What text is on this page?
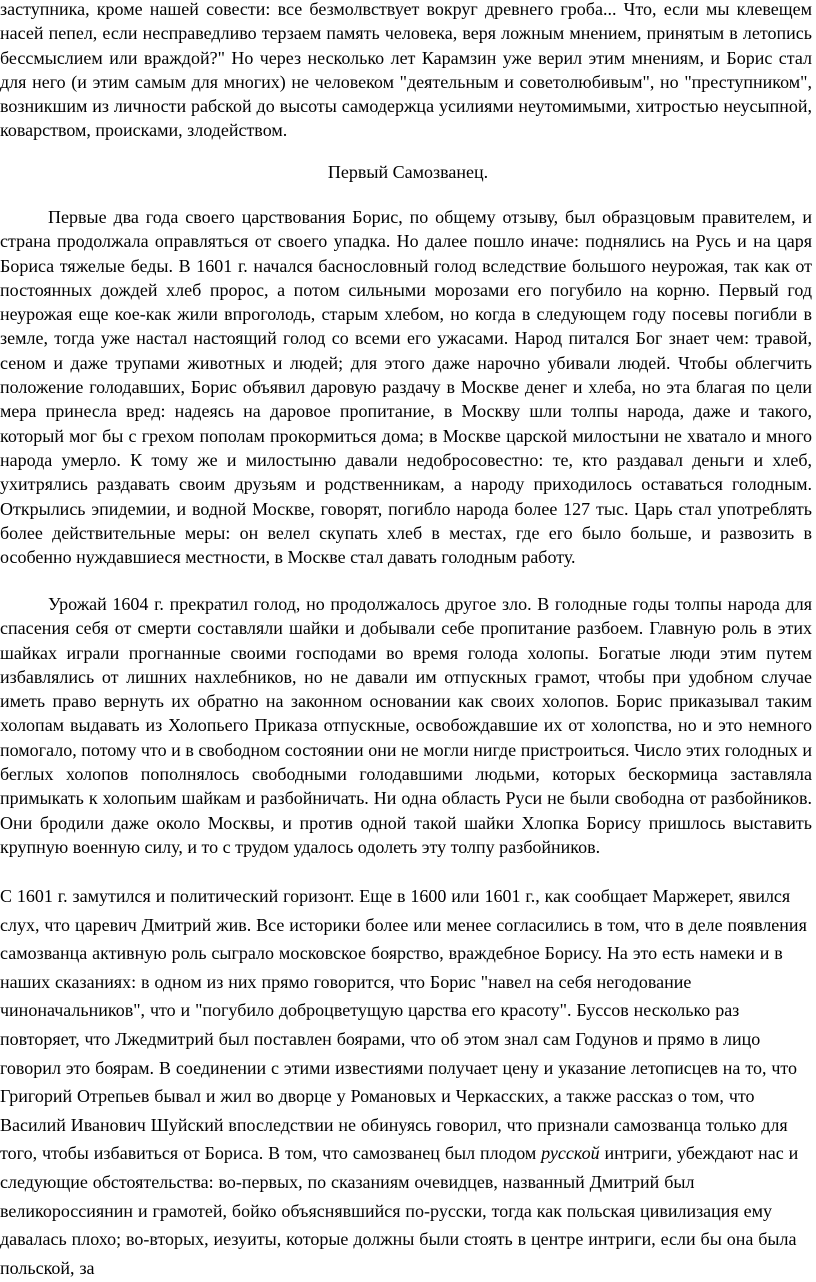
заступника, кроме нашей совести: все безмолвствует вокруг древнего гроба... Что, если мы клевещем насей пепел, если несправедливо терзаем память человека, веря ложным мнением, принятым в летопись бессмыслием или враждой?" Но через несколько лет Карамзин уже верил этим мнениям, и Борис стал для него (и этим самым для многих) не человеком "деятельным и советолюбивым", но "преступником", возникшим из личности рабской до высоты самодержца усилиями неутомимыми, хитростью неусыпной, коварством, происками, злодейством.

Первый Самозванец.

Первые два года своего царствования Борис, по общему отзыву, был образцовым правителем, и страна продолжала оправляться от своего упадка. Но далее пошло иначе: поднялись на Русь и на царя Бориса тяжелые беды. В 1601 г. начался баснословный голод вследствие большого неурожая, так как от постоянных дождей хлеб пророс, а потом сильными морозами его погубило на корню. Первый год неурожая еще кое-как жили впроголодь, старым хлебом, но когда в следующем году посевы погибли в земле, тогда уже настал настоящий голод со всеми его ужасами. Народ питался Бог знает чем: травой, сеном и даже трупами животных и людей; для этого даже нарочно убивали людей. Чтобы облегчить положение голодавших, Борис объявил даровую раздачу в Москве денег и хлеба, но эта благая по цели мера принесла вред: надеясь на даровое пропитание, в Москву шли толпы народа, даже и такого, который мог бы с грехом пополам прокормиться дома; в Москве царской милостыни не хватало и много народа умерло. К тому же и милостыню давали недобросовестно: те, кто раздавал деньги и хлеб, ухитрялись раздавать своим друзьям и родственникам, а народу приходилось оставаться голодным. Открылись эпидемии, и водной Москве, говорят, погибло народа более 127 тыс. Царь стал употреблять более действительные меры: он велел скупать хлеб в местах, где его было больше, и развозить в особенно нуждавшиеся местности, в Москве стал давать голодным работу.

Урожай 1604 г. прекратил голод, но продолжалось другое зло. В голодные годы толпы народа для спасения себя от смерти составляли шайки и добывали себе пропитание разбоем. Главную роль в этих шайках играли прогнанные своими господами во время голода холопы. Богатые люди этим путем избавлялись от лишних нахлебников, но не давали им отпускных грамот, чтобы при удобном случае иметь право вернуть их обратно на законном основании как своих холопов. Борис приказывал таким холопам выдавать из Холопьего Приказа отпускные, освобождавшие их от холопства, но и это немного помогало, потому что и в свободном состоянии они не могли нигде пристроиться. Число этих голодных и беглых холопов пополнялось свободными голодавшими людьми, которых бескормица заставляла примыкать к холопьим шайкам и разбойничать. Ни одна область Руси не были свободна от разбойников. Они бродили даже около Москвы, и против одной такой шайки Хлопка Борису пришлось выставить крупную военную силу, и то с трудом удалось одолеть эту толпу разбойников.

С 1601 г. замутился и политический горизонт. Еще в 1600 или 1601 г., как сообщает Маржерет, явился слух, что царевич Дмитрий жив. Все историки более или менее согласились в том, что в деле появления самозванца активную роль сыграло московское боярство, враждебное Борису. На это есть намеки и в наших сказаниях: в одном из них прямо говорится, что Борис "навел на себя негодование чиноначальников", что и "погубило доброцветущую царства его красоту". Буссов несколько раз повторяет, что Лжедмитрий был поставлен боярами, что об этом знал сам Годунов и прямо в лицо говорил это боярам. В соединении с этими известиями получает цену и указание летописцев на то, что Григорий Отрепьев бывал и жил во дворце у Романовых и Черкасских, а также рассказ о том, что Василий Иванович Шуйский впоследствии не обинуясь говорил, что признали самозванца только для того, чтобы избавиться от Бориса. В том, что самозванец был плодом русской интриги, убеждают нас и следующие обстоятельства: во-первых, по сказаниям очевидцев, названный Дмитрий был великороссиянин и грамотей, бойко объяснявшийся по-русски, тогда как польская цивилизация ему давалась плохо; во-вторых, иезуиты, которые должны были стоять в центре интриги, если бы она была польской, за
